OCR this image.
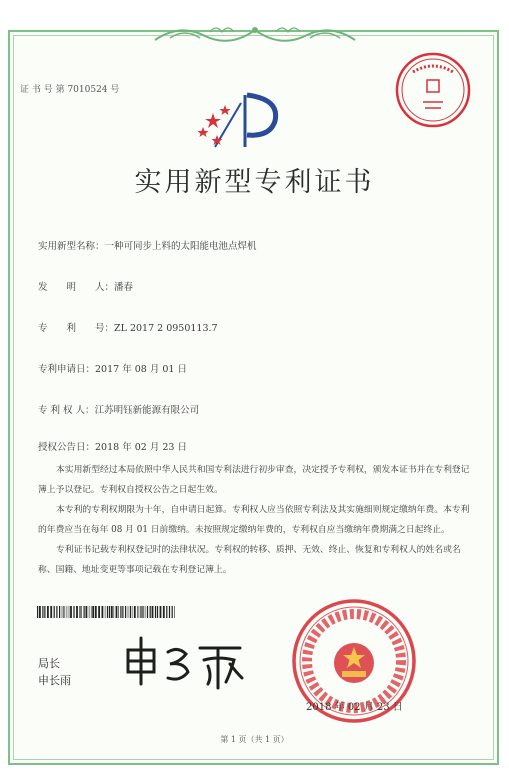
证 书 号 第 7010524 号
实用新型专利证书
实用新型名称：一种可同步上料的太阳能电池点焊机
发　　明　　人：潘春
专　　利　　号：ZL 2017 2 0950113.7
专利申请日：2017 年 08 月 01 日
专 利 权 人：江苏明钰新能源有限公司
授权公告日：2018 年 02 月 23 日

本实用新型经过本局依照中华人民共和国专利法进行初步审查，决定授予专利权，颁发本证书并在专利登记簿上予以登记。专利权自授权公告之日起生效。

本专利的专利权期限为十年，自申请日起算。专利权人应当依照专利法及其实施细则规定缴纳年费。本专利的年费应当在每年 08 月 01 日前缴纳。未按照规定缴纳年费的，专利权自应当缴纳年费期满之日起终止。

专利证书记载专利权登记时的法律状况。专利权的转移、质押、无效、终止、恢复和专利权人的姓名或名称、国籍、地址变更等事项记载在专利登记簿上。

局长
申长雨
2018 年 02 月 23 日
第 1 页（共 1 页）
